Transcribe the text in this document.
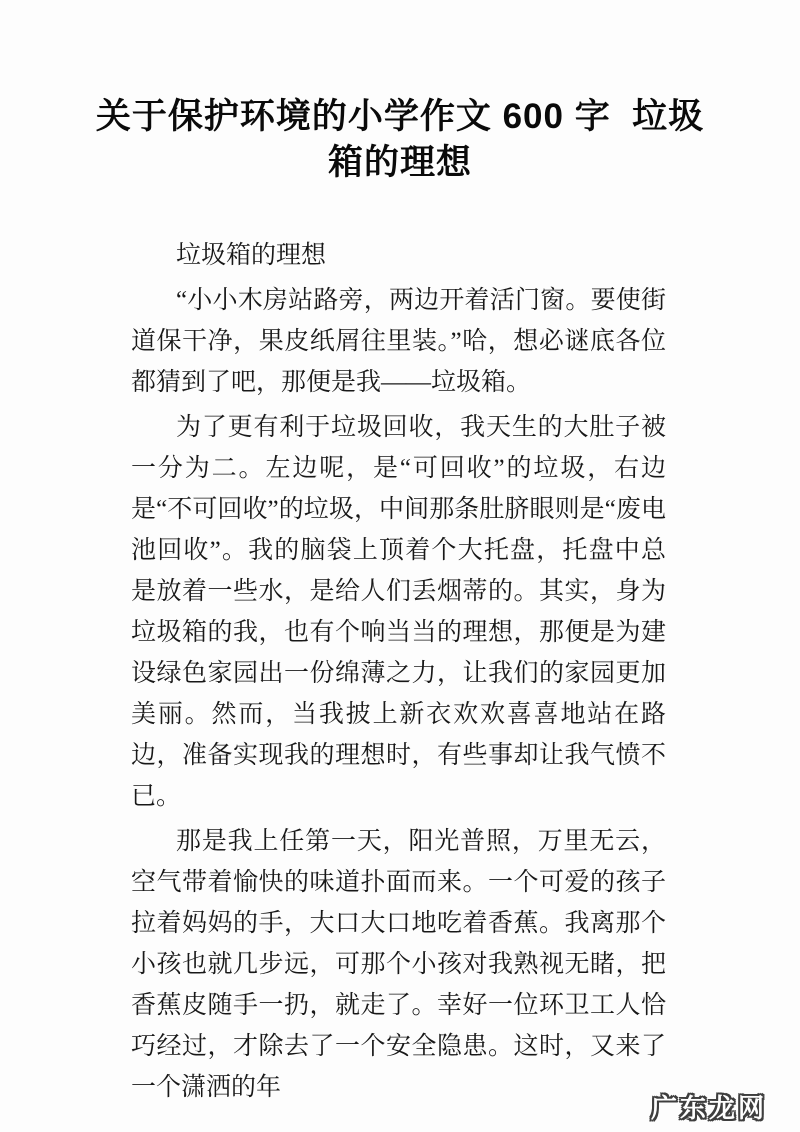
关于保护环境的小学作文 600 字  垃圾
箱的理想

垃圾箱的理想

“小小木房站路旁，两边开着活门窗。要使街道保干净，果皮纸屑往里装。”哈，想必谜底各位都猜到了吧，那便是我——垃圾箱。

为了更有利于垃圾回收，我天生的大肚子被一分为二。左边呢，是“可回收”的垃圾，右边是“不可回收”的垃圾，中间那条肚脐眼则是“废电池回收”。我的脑袋上顶着个大托盘，托盘中总是放着一些水，是给人们丢烟蒂的。其实，身为垃圾箱的我，也有个响当当的理想，那便是为建设绿色家园出一份绵薄之力，让我们的家园更加美丽。然而，当我披上新衣欢欢喜喜地站在路边，准备实现我的理想时，有些事却让我气愤不已。

那是我上任第一天，阳光普照，万里无云，空气带着愉快的味道扑面而来。一个可爱的孩子拉着妈妈的手，大口大口地吃着香蕉。我离那个小孩也就几步远，可那个小孩对我熟视无睹，把香蕉皮随手一扔，就走了。幸好一位环卫工人恰巧经过，才除去了一个安全隐患。这时，又来了一个潇洒的年

广东龙网
